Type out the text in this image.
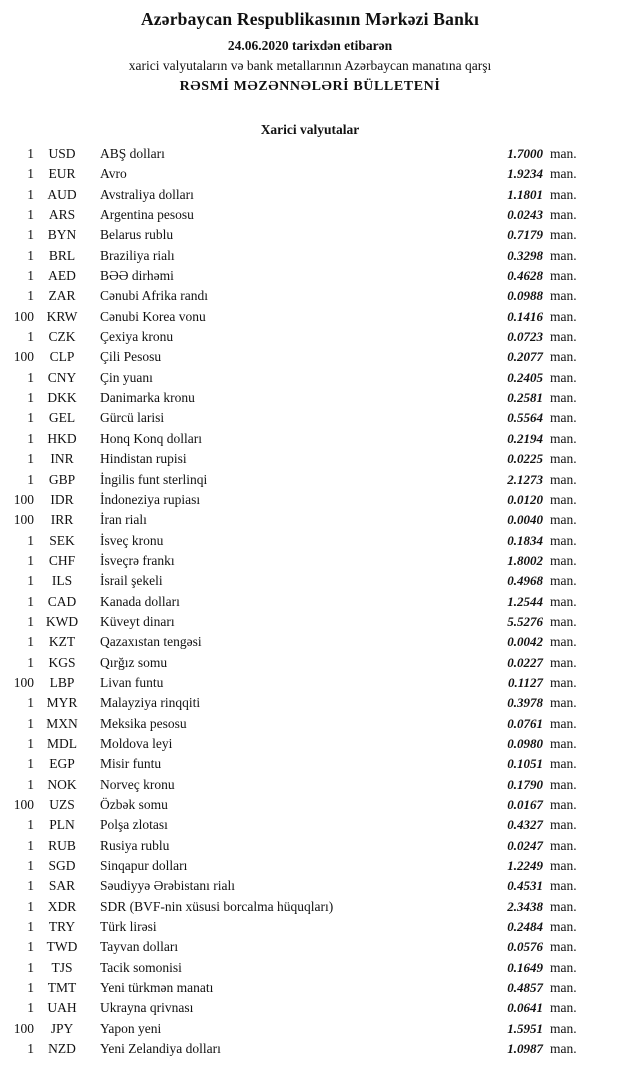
Azərbaycan Respublikasının Mərkəzi Bankı
24.06.2020 tarixdən etibarən
xarici valyutaların və bank metallarının Azərbaycan manatına qarşı
RƏSMİ MƏZƏNNƏLƏRİ BÜLLETENİ
Xarici valyutalar
1	USD	ABŞ dolları	1.7000 man.
1	EUR	Avro	1.9234 man.
1 AUD	Avstraliya dolları	1.1801 man.
1	ARS	Argentina pesosu	0.0243 man.
1	BYN	Belarus rublu	0.7179 man.
1	BRL	Braziliya rialı	0.3298 man.
1	AED	BƏƏ dirhəmi	0.4628 man.
1	ZAR	Cənubi Afrika randı	0.0988 man.
100 KRW	Cənubi Korea vonu	0.1416 man.
1	CZK	Çexiya kronu	0.0723 man.
100	CLP	Çili Pesosu	0.2077 man.
1	CNY	Çin yuanı	0.2405 man.
1 DKK	Danimarka kronu	0.2581 man.
1	GEL	Gürcü larisi	0.5564 man.
1 HKD	Honq Konq dolları	0.2194 man.
1	INR	Hindistan rupisi	0.0225 man.
1	GBP	İngilis funt sterlinqi	2.1273 man.
100	IDR	İndoneziya rupiası	0.0120 man.
100	IRR	İran rialı	0.0040 man.
1	SEK	İsveç kronu	0.1834 man.
1	CHF	İsveçrə frankı	1.8002 man.
1	ILS	İsrail şekeli	0.4968 man.
1	CAD	Kanada dolları	1.2544 man.
1 KWD	Küveyt dinarı	5.5276 man.
1	KZT	Qazaxıstan tengəsi	0.0042 man.
1	KGS	Qırğız somu	0.0227 man.
100	LBP	Livan funtu	0.1127 man.
1 MYR	Malayziya rinqqiti	0.3978 man.
1 MXN	Meksika pesosu	0.0761 man.
1 MDL	Moldova leyi	0.0980 man.
1	EGP	Misir funtu	0.1051 man.
1 NOK	Norveç kronu	0.1790 man.
100	UZS	Özbək somu	0.0167 man.
1	PLN	Polşa zlotası	0.4327 man.
1	RUB	Rusiya rublu	0.0247 man.
1	SGD	Sinqapur dolları	1.2249 man.
1	SAR	Səudiyyə Ərəbistanı rialı	0.4531 man.
1	XDR	SDR (BVF-nin xüsusi borcalma hüquqları)	2.3438 man.
1	TRY	Türk lirəsi	0.2484 man.
1 TWD	Tayvan dolları	0.0576 man.
1	TJS	Tacik somonisi	0.1649 man.
1	TMT	Yeni türkmən manatı	0.4857 man.
1 UAH	Ukrayna qrivnası	0.0641 man.
100	JPY	Yapon yeni	1.5951 man.
1	NZD	Yeni Zelandiya dolları	1.0987 man.
